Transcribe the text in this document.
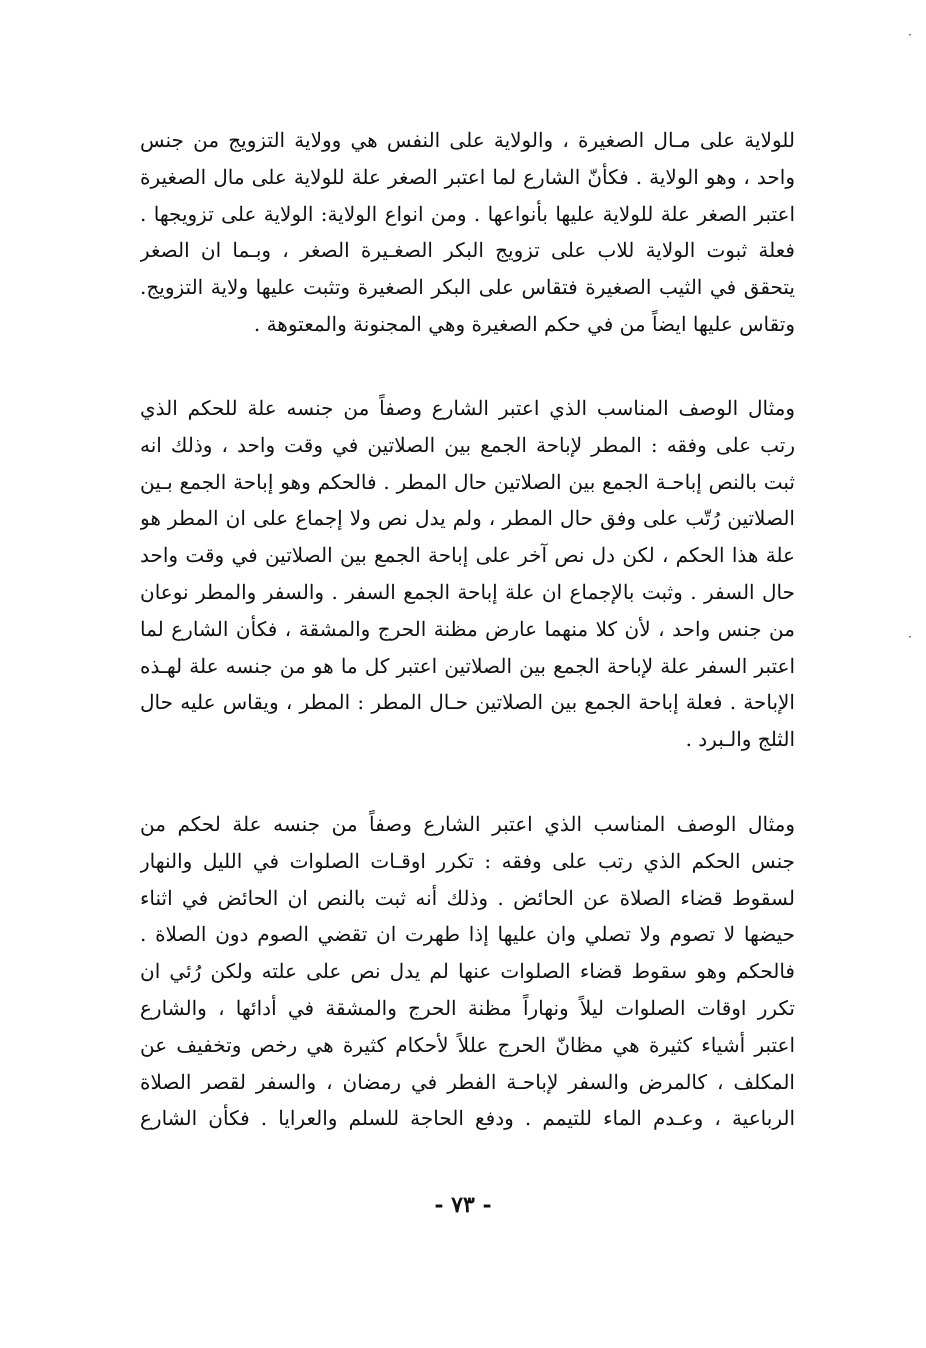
·
·
للولاية على مـال الصغيرة ، والولاية على النفس هي وولاية التزويج من جنس
واحد ، وهو الولاية . فكأنّ الشارع لما اعتبر الصغر علة للولاية على مال الصغيرة
اعتبر الصغر علة للولاية عليها بأنواعها . ومن انواع الولاية: الولاية على تزويجها .
فعلة ثبوت الولاية للاب على تزويج البكر الصغـيرة الصغر ، وبـما ان الصغر
يتحقق في الثيب الصغيرة فتقاس على البكر الصغيرة وتثبت عليها ولاية التزويج.
وتقاس عليها ايضاً من في حكم الصغيرة وهي المجنونة والمعتوهة .
ومثال الوصف المناسب الذي اعتبر الشارع وصفاً من جنسه علة للحكم الذي
رتب على وفقه : المطر لإباحة الجمع بين الصلاتين في وقت واحد ، وذلك انه
ثبت بالنص إباحـة الجمع بين الصلاتين حال المطر . فالحكم وهو إباحة الجمع بـين
الصلاتين رُتّب على وفق حال المطر ، ولم يدل نص ولا إجماع على ان المطر هو
علة هذا الحكم ، لكن دل نص آخر على إباحة الجمع بين الصلاتين في وقت واحد
حال السفر . وثبت بالإجماع ان علة إباحة الجمع السفر . والسفر والمطر نوعان
من جنس واحد ، لأن كلا منهما عارض مظنة الحرج والمشقة ، فكأن الشارع لما
اعتبر السفر علة لإباحة الجمع بين الصلاتين اعتبر كل ما هو من جنسه علة لهـذه
الإباحة . فعلة إباحة الجمع بين الصلاتين حـال المطر : المطر ، ويقاس عليه حال
الثلج والـبرد .
ومثال الوصف المناسب الذي اعتبر الشارع وصفاً من جنسه علة لحكم من
جنس الحكم الذي رتب على وفقه : تكرر اوقـات الصلوات في الليل والنهار
لسقوط قضاء الصلاة عن الحائض . وذلك أنه ثبت بالنص ان الحائض في اثناء
حيضها لا تصوم ولا تصلي وان عليها إذا طهرت ان تقضي الصوم دون الصلاة .
فالحكم وهو سقوط قضاء الصلوات عنها لم يدل نص على علته ولكن رُئي ان
تكرر اوقات الصلوات ليلاً ونهاراً مظنة الحرج والمشقة في أدائها ، والشارع
اعتبر أشياء كثيرة هي مظانّ الحرج عللاً لأحكام كثيرة هي رخص وتخفيف عن
المكلف ، كالمرض والسفر لإباحـة الفطر في رمضان ، والسفر لقصر الصلاة
الرباعية ، وعـدم الماء للتيمم . ودفع الحاجة للسلم والعرايا . فكأن الشارع
- ٧٣ -
